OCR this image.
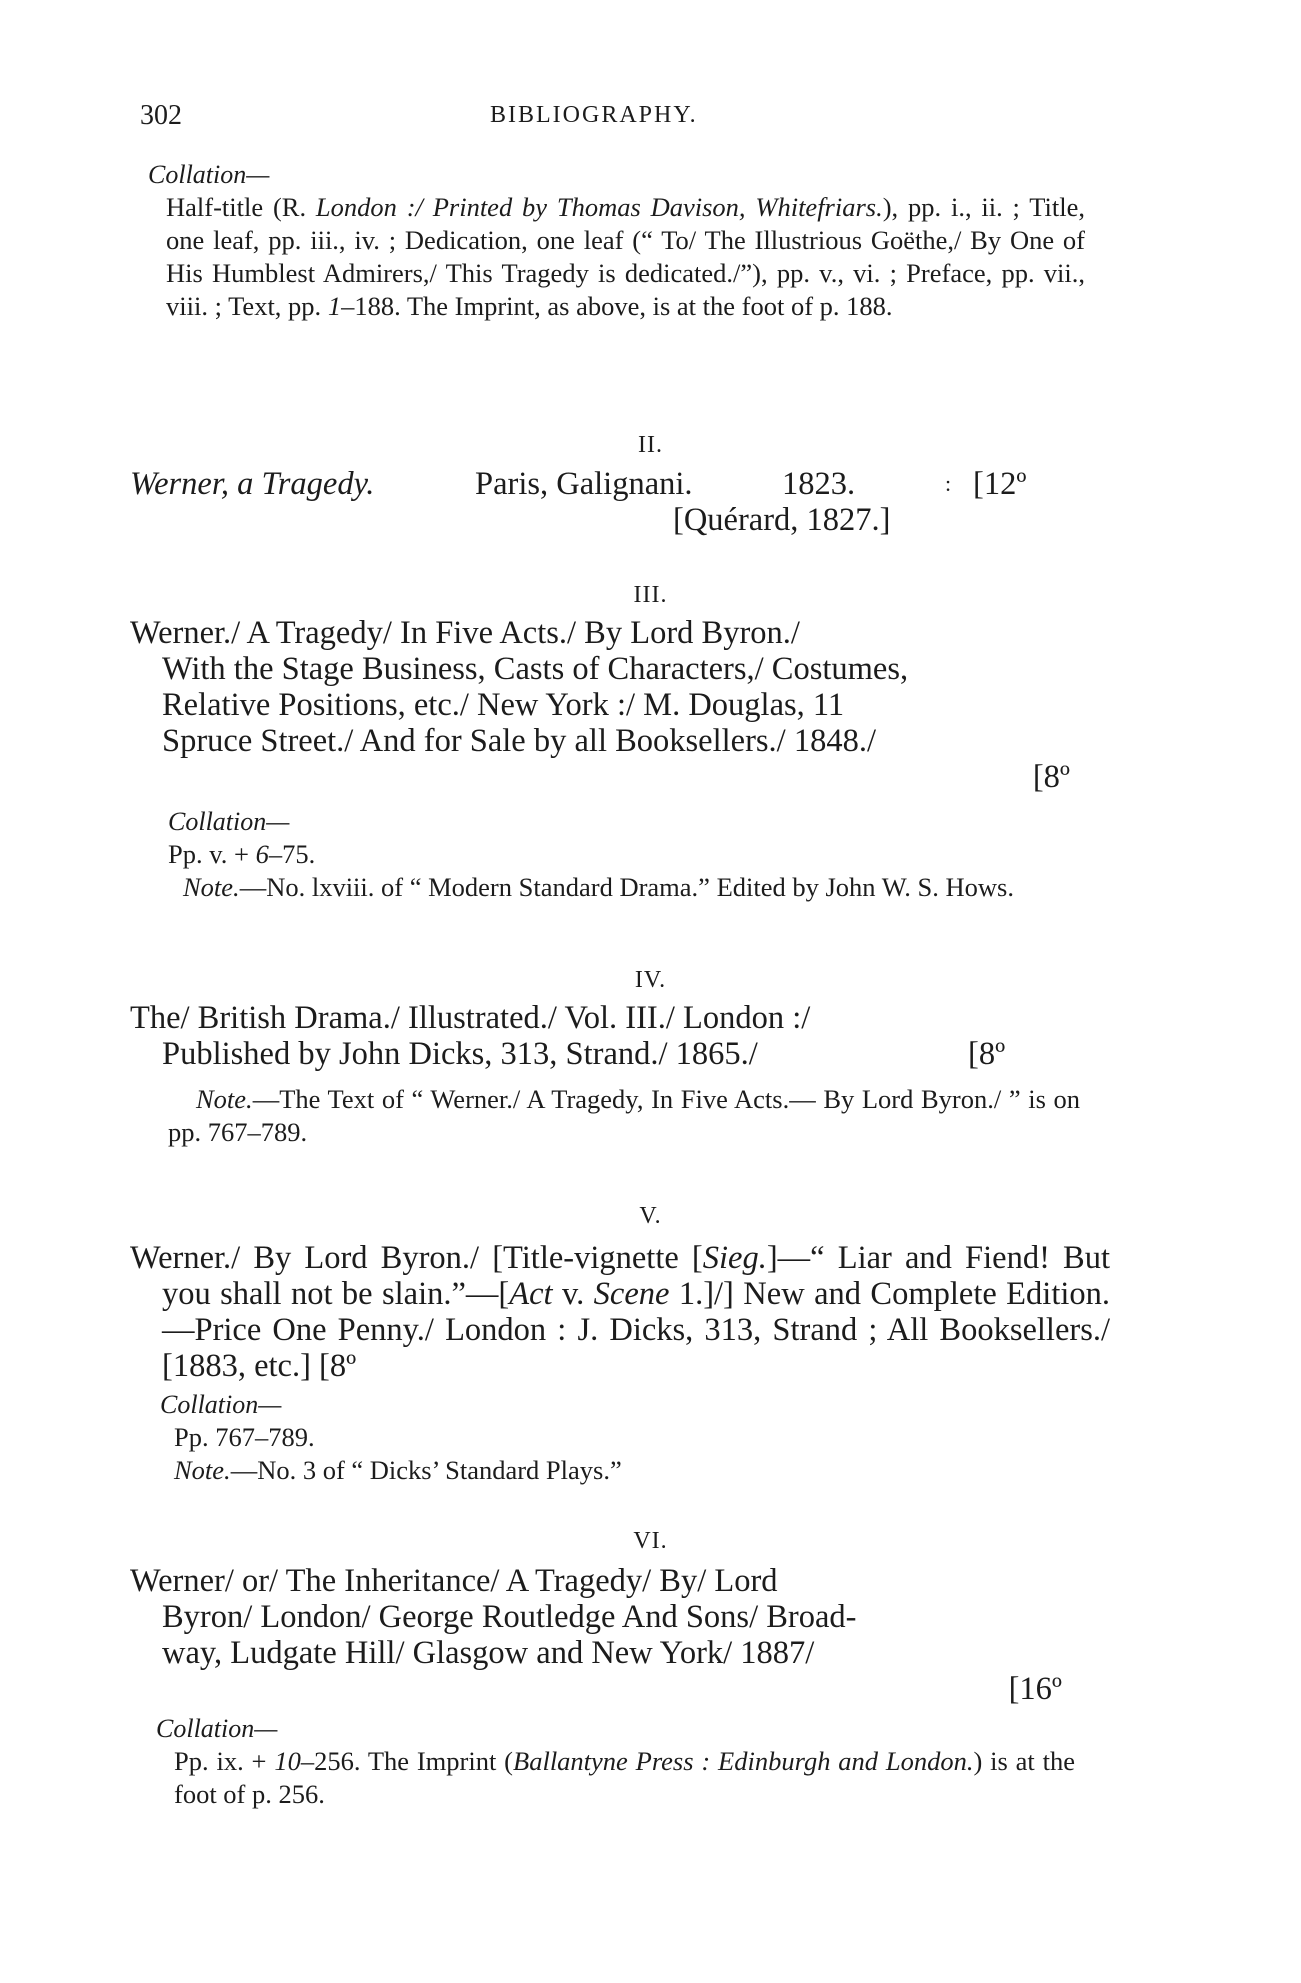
302	BIBLIOGRAPHY.
Collation—
Half-title (R. London :/ Printed by Thomas Davison, Whitefriars.), pp. i., ii. ; Title, one leaf, pp. iii., iv. ; Dedication, one leaf (“ To/ The Illustrious Goëthe,/ By One of His Humblest Admirers,/ This Tragedy is dedicated./”), pp. v., vi. ; Preface, pp. vii., viii. ; Text, pp. 1–188. The Imprint, as above, is at the foot of p. 188.
II.
Werner, a Tragedy.	Paris, Galignani.	1823.	: [12º
[Quérard, 1827.]
III.
Werner./ A Tragedy/ In Five Acts./ By Lord Byron./
With the Stage Business, Casts of Characters,/ Costumes,
Relative Positions, etc./ New York :/ M. Douglas, 11
Spruce Street./ And for Sale by all Booksellers./ 1848./
[8º
Collation—
Pp. v. + 6–75.
Note.—No. lxviii. of “ Modern Standard Drama.” Edited by John W. S. Hows.
IV.
The/ British Drama./ Illustrated./ Vol. III./ London :/
Published by John Dicks, 313, Strand./ 1865./	[8º
Note.—The Text of “ Werner./ A Tragedy, In Five Acts.— By Lord Byron./ ” is on pp. 767–789.
V.
Werner./ By Lord Byron./ [Title-vignette [Sieg.]—“ Liar and Fiend! But you shall not be slain.”—[Act v. Scene 1.]/] New and Complete Edition.—Price One Penny./ London : J. Dicks, 313, Strand ; All Booksellers./ [1883, etc.] [8º
Collation—
Pp. 767–789.
Note.—No. 3 of “ Dicks’ Standard Plays.”
VI.
Werner/ or/ The Inheritance/ A Tragedy/ By/ Lord
Byron/ London/ George Routledge And Sons/ Broad-
way, Ludgate Hill/ Glasgow and New York/ 1887/
[16º
Collation—
Pp. ix. + 10–256. The Imprint (Ballantyne Press : Edinburgh and London.) is at the foot of p. 256.
